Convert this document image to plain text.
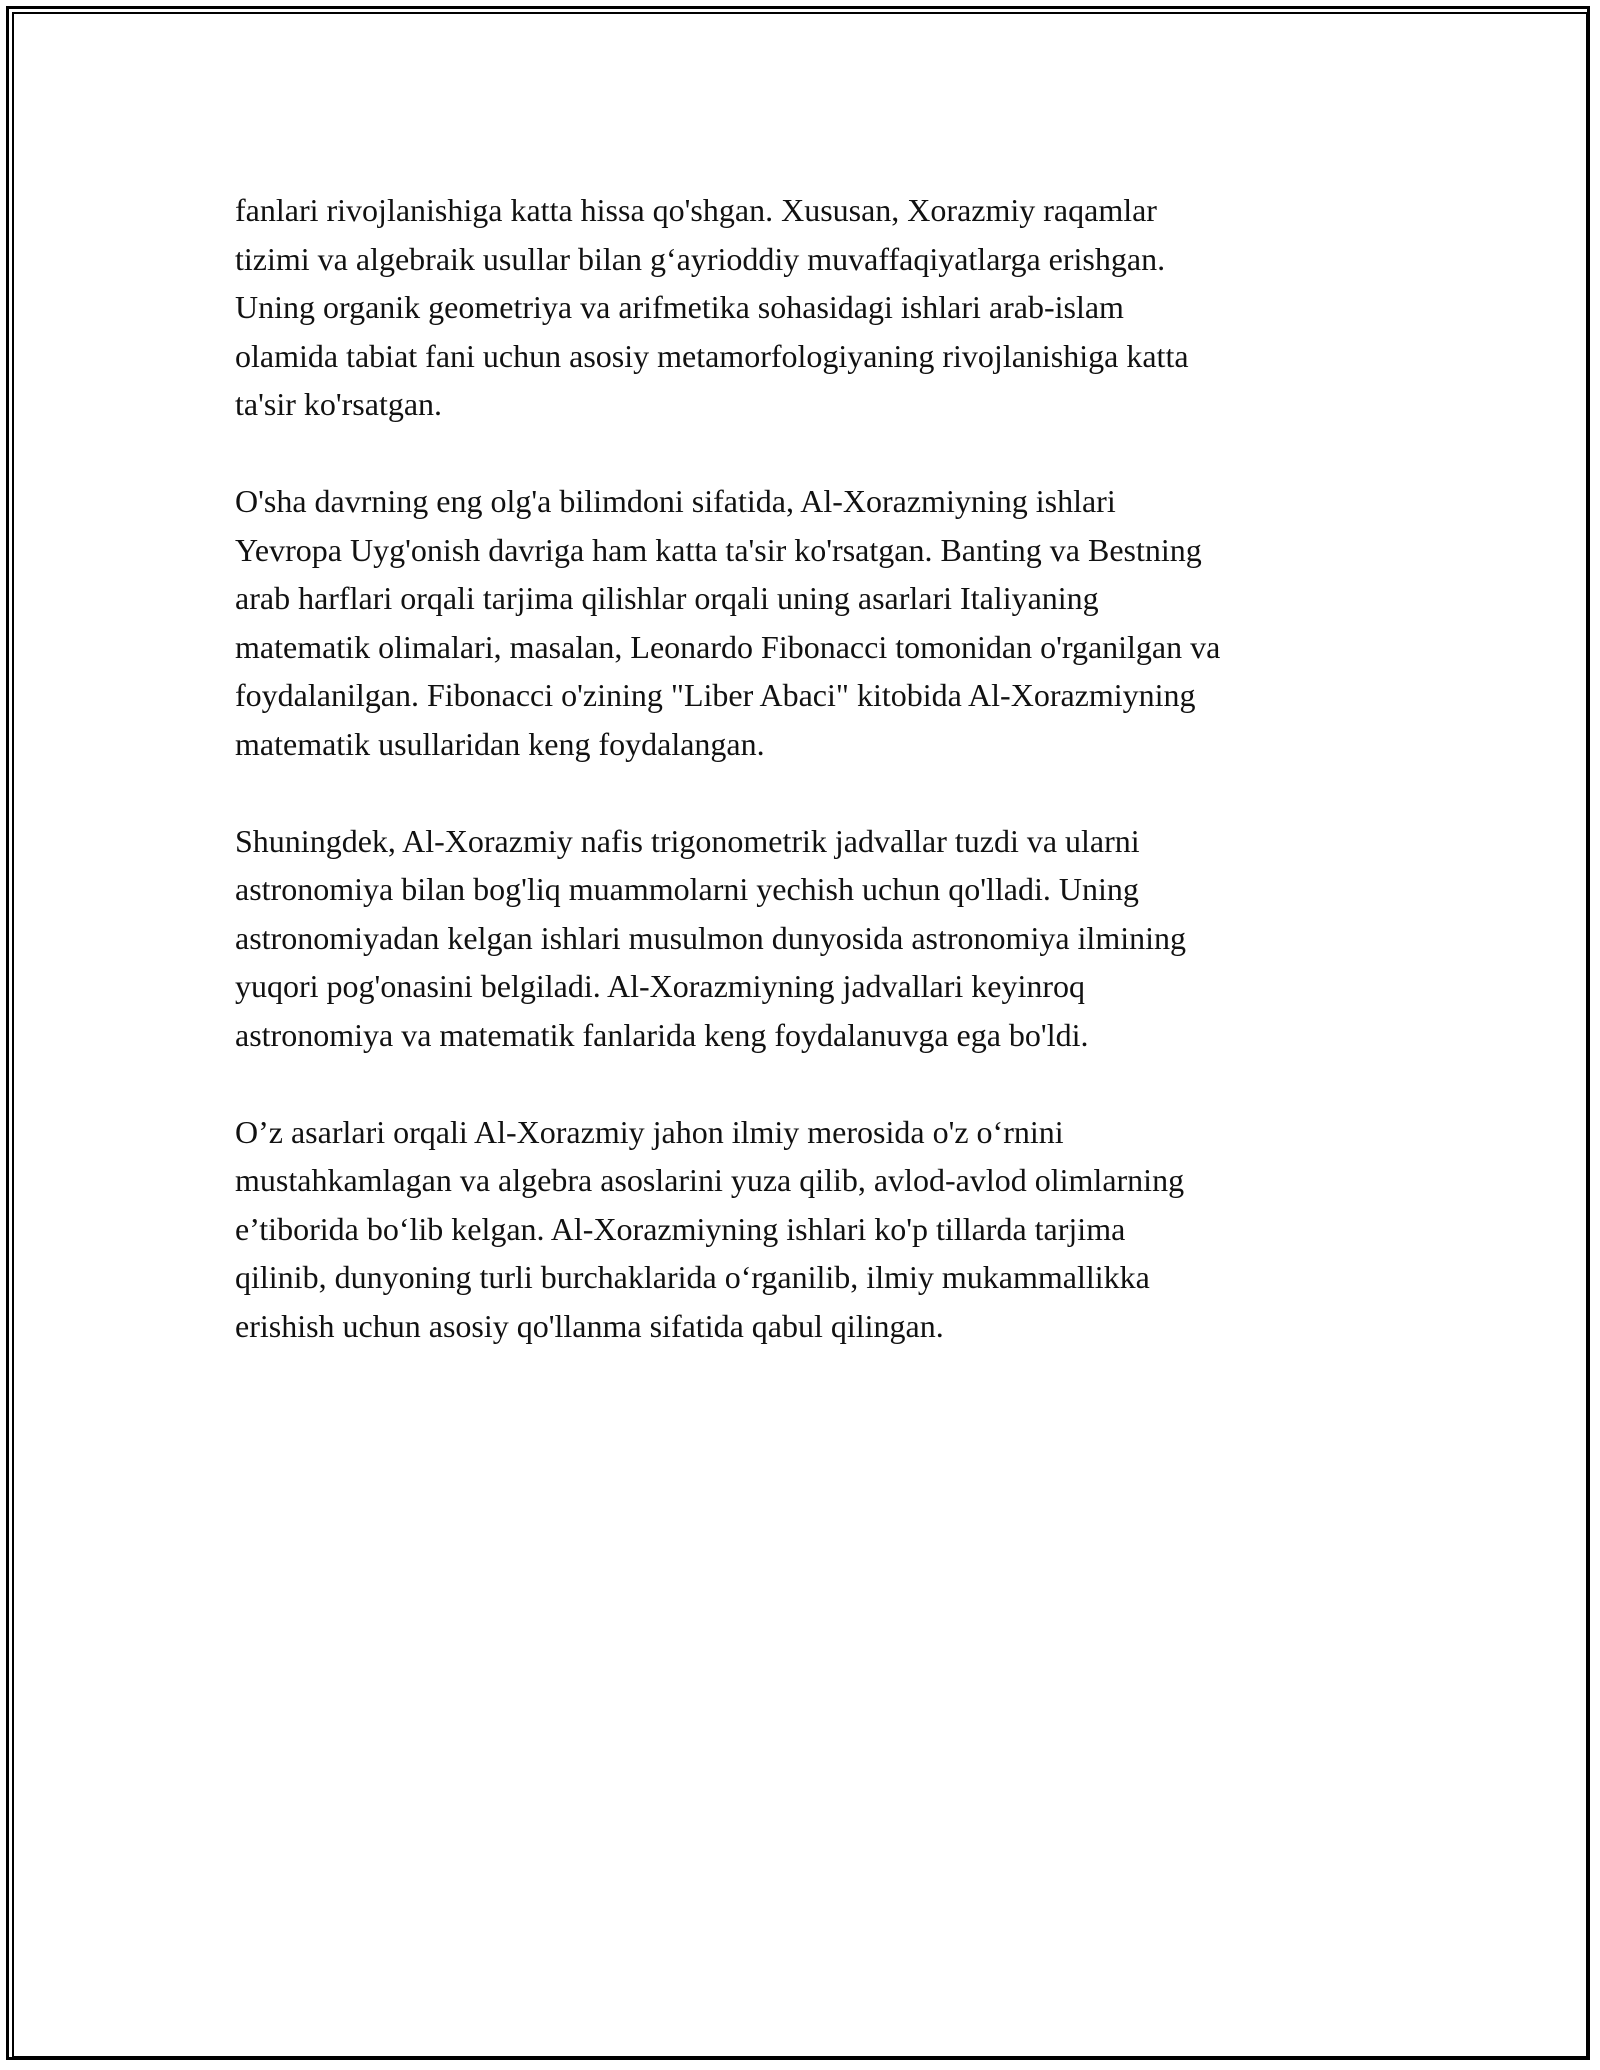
fanlari rivojlanishiga katta hissa qo'shgan. Xususan, Xorazmiy raqamlar
tizimi va algebraik usullar bilan g‘ayrioddiy muvaffaqiyatlarga erishgan.
Uning organik geometriya va arifmetika sohasidagi ishlari arab-islam
olamida tabiat fani uchun asosiy metamorfologiyaning rivojlanishiga katta
ta'sir ko'rsatgan.

O'sha davrning eng olg'a bilimdoni sifatida, Al-Xorazmiyning ishlari
Yevropa Uyg'onish davriga ham katta ta'sir ko'rsatgan. Banting va Bestning
arab harflari orqali tarjima qilishlar orqali uning asarlari Italiyaning
matematik olimalari, masalan, Leonardo Fibonacci tomonidan o'rganilgan va
foydalanilgan. Fibonacci o'zining "Liber Abaci" kitobida Al-Xorazmiyning
matematik usullaridan keng foydalangan.

Shuningdek, Al-Xorazmiy nafis trigonometrik jadvallar tuzdi va ularni
astronomiya bilan bog'liq muammolarni yechish uchun qo'lladi. Uning
astronomiyadan kelgan ishlari musulmon dunyosida astronomiya ilmining
yuqori pog'onasini belgiladi. Al-Xorazmiyning jadvallari keyinroq
astronomiya va matematik fanlarida keng foydalanuvga ega bo'ldi.

O’z asarlari orqali Al-Xorazmiy jahon ilmiy merosida o'z o‘rnini
mustahkamlagan va algebra asoslarini yuza qilib, avlod-avlod olimlarning
e’tiborida bo‘lib kelgan. Al-Xorazmiyning ishlari ko'p tillarda tarjima
qilinib, dunyoning turli burchaklarida o‘rganilib, ilmiy mukammallikka
erishish uchun asosiy qo'llanma sifatida qabul qilingan.
